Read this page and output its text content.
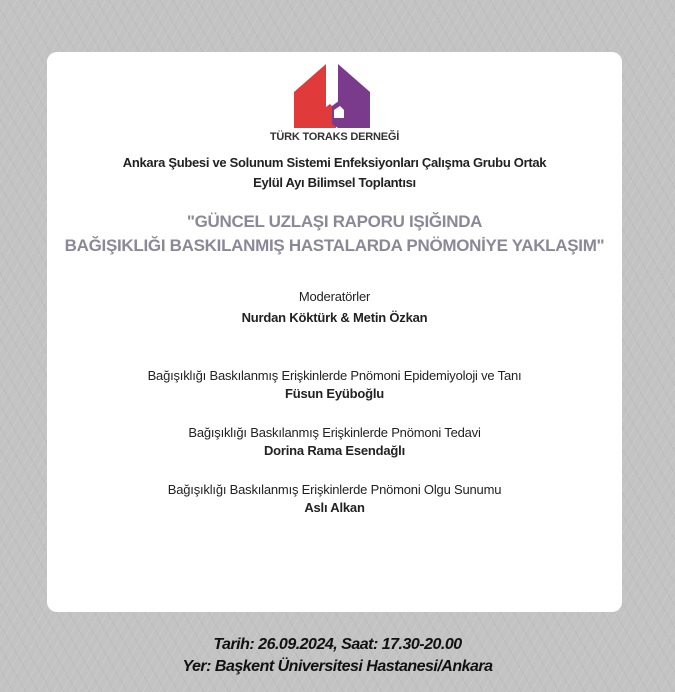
TÜRK TORAKS DERNEĞİ
Ankara Şubesi ve Solunum Sistemi Enfeksiyonları Çalışma Grubu Ortak
Eylül Ayı Bilimsel Toplantısı
"GÜNCEL UZLAŞI RAPORU IŞIĞINDA
BAĞIŞIKLIĞI BASKILANMIŞ HASTALARDA PNÖMONİYE YAKLAŞIM"
Moderatörler
Nurdan Köktürk & Metin Özkan
Bağışıklığı Baskılanmış Erişkinlerde Pnömoni Epidemiyoloji ve Tanı
Füsun Eyüboğlu
Bağışıklığı Baskılanmış Erişkinlerde Pnömoni Tedavi
Dorina Rama Esendağlı
Bağışıklığı Baskılanmış Erişkinlerde Pnömoni Olgu Sunumu
Aslı Alkan
Tarih: 26.09.2024, Saat: 17.30-20.00
Yer: Başkent Üniversitesi Hastanesi/Ankara
